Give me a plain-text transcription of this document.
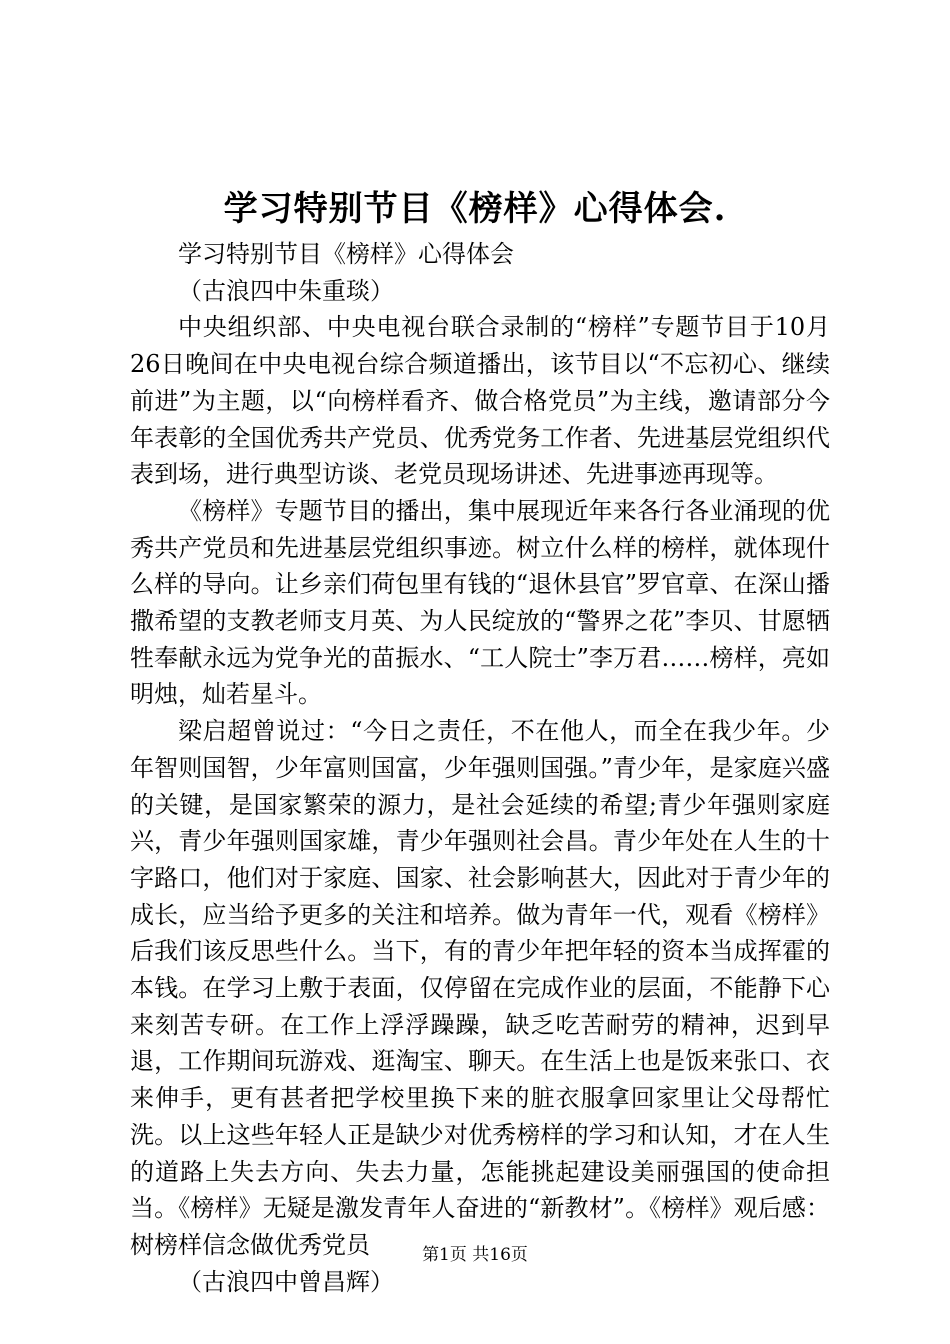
学习特别节目《榜样》心得体会.

学习特别节目《榜样》心得体会

（古浪四中朱重琰）

中央组织部、中央电视台联合录制的“榜样”专题节目于10月26日晚间在中央电视台综合频道播出，该节目以“不忘初心、继续前进”为主题，以“向榜样看齐、做合格党员”为主线，邀请部分今年表彰的全国优秀共产党员、优秀党务工作者、先进基层党组织代表到场，进行典型访谈、老党员现场讲述、先进事迹再现等。

《榜样》专题节目的播出，集中展现近年来各行各业涌现的优秀共产党员和先进基层党组织事迹。树立什么样的榜样，就体现什么样的导向。让乡亲们荷包里有钱的“退休县官”罗官章、在深山播撒希望的支教老师支月英、为人民绽放的“警界之花”李贝、甘愿牺牲奉献永远为党争光的苗振水、“工人院士”李万君……榜样，亮如明烛，灿若星斗。

梁启超曾说过：“今日之责任，不在他人，而全在我少年。少年智则国智，少年富则国富，少年强则国强。”青少年，是家庭兴盛的关键，是国家繁荣的源力，是社会延续的希望;青少年强则家庭兴，青少年强则国家雄，青少年强则社会昌。青少年处在人生的十字路口，他们对于家庭、国家、社会影响甚大，因此对于青少年的成长，应当给予更多的关注和培养。做为青年一代，观看《榜样》后我们该反思些什么。当下，有的青少年把年轻的资本当成挥霍的本钱。在学习上敷于表面，仅停留在完成作业的层面，不能静下心来刻苦专研。在工作上浮浮躁躁，缺乏吃苦耐劳的精神，迟到早退，工作期间玩游戏、逛淘宝、聊天。在生活上也是饭来张口、衣来伸手，更有甚者把学校里换下来的脏衣服拿回家里让父母帮忙洗。以上这些年轻人正是缺少对优秀榜样的学习和认知，才在人生的道路上失去方向、失去力量，怎能挑起建设美丽强国的使命担当。《榜样》无疑是激发青年人奋进的“新教材”。《榜样》观后感：树榜样信念做优秀党员

（古浪四中曾昌辉）

第1页 共16页
